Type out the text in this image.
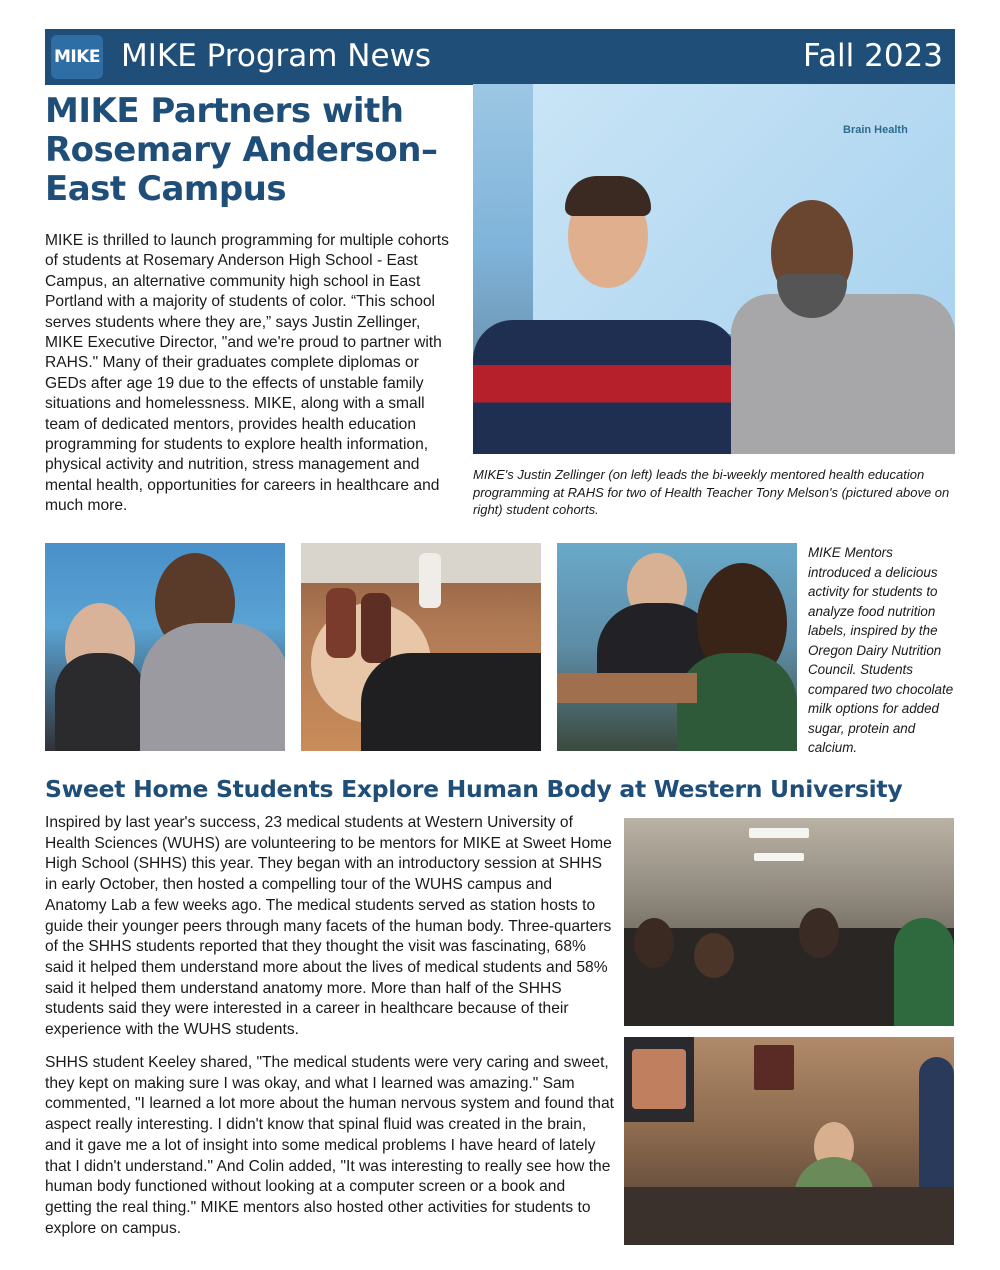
MIKE MIKE Program News	Fall 2023
MIKE Partners with Rosemary Anderson– East Campus

MIKE is thrilled to launch programming for multiple cohorts of students at Rosemary Anderson High School - East Campus, an alternative community high school in East Portland with a majority of students of color. “This school serves students where they are,” says Justin Zellinger, MIKE Executive Director, "and we're proud to partner with RAHS." Many of their graduates complete diplomas or GEDs after age 19 due to the effects of unstable family situations and homelessness. MIKE, along with a small team of dedicated mentors, provides health education programming for students to explore health information, physical activity and nutrition, stress management and mental health, opportunities for careers in healthcare and much more.

Brain Health

MIKE's Justin Zellinger (on left) leads the bi-weekly mentored health education programming at RAHS for two of Health Teacher Tony Melson's (pictured above on right) student cohorts.

MIKE Mentors introduced a delicious activity for students to analyze food nutrition labels, inspired by the Oregon Dairy Nutrition Council. Students compared two chocolate milk options for added sugar, protein and calcium.

Sweet Home Students Explore Human Body at Western University

Inspired by last year's success, 23 medical students at Western University of Health Sciences (WUHS) are volunteering to be mentors for MIKE at Sweet Home High School (SHHS) this year. They began with an introductory session at SHHS in early October, then hosted a compelling tour of the WUHS campus and Anatomy Lab a few weeks ago. The medical students served as station hosts to guide their younger peers through many facets of the human body. Three-quarters of the SHHS students reported that they thought the visit was fascinating, 68% said it helped them understand more about the lives of medical students and 58% said it helped them understand anatomy more. More than half of the SHHS students said they were interested in a career in healthcare because of their experience with the WUHS students.

SHHS student Keeley shared, "The medical students were very caring and sweet, they kept on making sure I was okay, and what I learned was amazing." Sam commented, "I learned a lot more about the human nervous system and found that aspect really interesting. I didn't know that spinal fluid was created in the brain, and it gave me a lot of insight into some medical problems I have heard of lately that I didn't understand." And Colin added, "It was interesting to really see how the human body functioned without looking at a computer screen or a book and getting the real thing." MIKE mentors also hosted other activities for students to explore on campus.
